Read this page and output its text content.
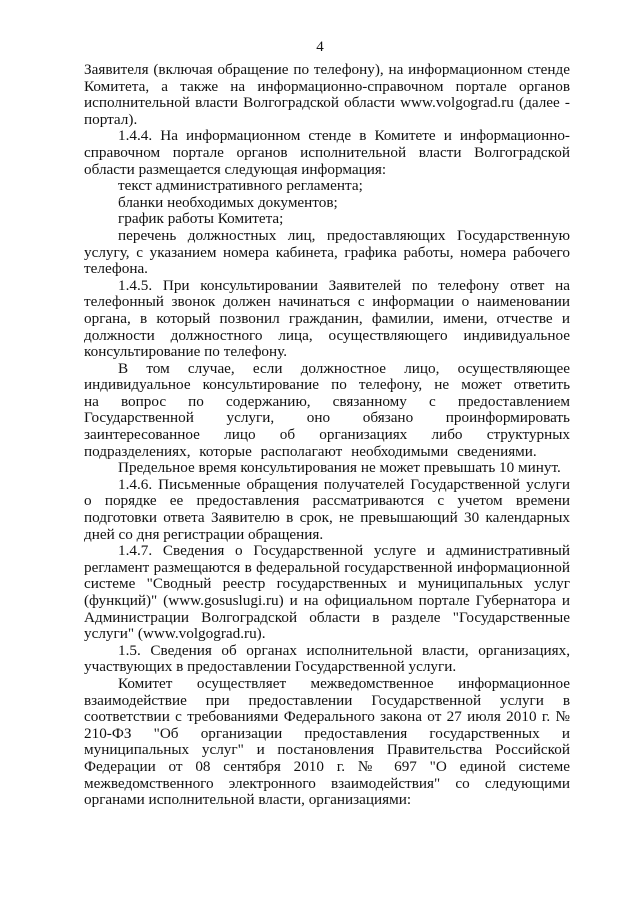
4

Заявителя (включая обращение по телефону), на информационном стенде Комитета, а также на информационно-справочном портале органов исполнительной власти Волгоградской области www.volgograd.ru (далее - портал).

1.4.4. На информационном стенде в Комитете и информационно-справочном портале органов исполнительной власти Волгоградской области размещается следующая информация:

текст административного регламента;

бланки необходимых документов;

график работы Комитета;

перечень должностных лиц, предоставляющих Государственную услугу, с указанием номера кабинета, графика работы, номера рабочего телефона.

1.4.5. При консультировании Заявителей по телефону ответ на телефонный звонок должен начинаться с информации о наименовании органа, в который позвонил гражданин, фамилии, имени, отчестве и должности должностного лица, осуществляющего индивидуальное консультирование по телефону.

В том случае, если должностное лицо, осуществляющее индивидуальное консультирование по телефону, не может ответить на вопрос по содержанию, связанному с предоставлением Государственной услуги, оно обязано проинформировать заинтересованное лицо об организациях либо структурных подразделениях, которые располагают необходимыми сведениями.

Предельное время консультирования не может превышать 10 минут.

1.4.6. Письменные обращения получателей Государственной услуги о порядке ее предоставления рассматриваются с учетом времени подготовки ответа Заявителю в срок, не превышающий 30 календарных дней со дня регистрации обращения.

1.4.7. Сведения о Государственной услуге и административный регламент размещаются в федеральной государственной информационной системе "Сводный реестр государственных и муниципальных услуг (функций)" (www.gosuslugi.ru) и на официальном портале Губернатора и Администрации Волгоградской области в разделе "Государственные услуги" (www.volgograd.ru).

1.5. Сведения об органах исполнительной власти, организациях, участвующих в предоставлении Государственной услуги.

Комитет осуществляет межведомственное информационное взаимодействие при предоставлении Государственной услуги в соответствии с требованиями Федерального закона от 27 июля 2010 г. № 210-ФЗ "Об организации предоставления государственных и муниципальных услуг" и постановления Правительства Российской Федерации от 08 сентября 2010 г. № 697 "О единой системе межведомственного электронного взаимодействия" со следующими органами исполнительной власти, организациями:
